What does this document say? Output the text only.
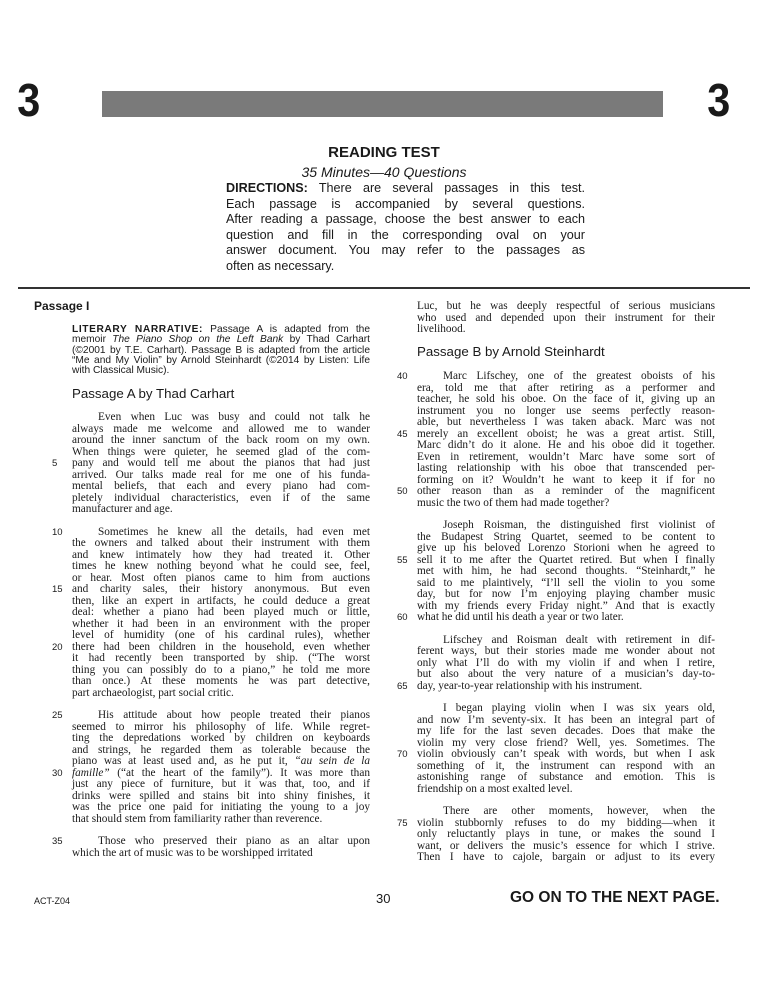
3	3
READING TEST
35 Minutes—40 Questions
DIRECTIONS: There are several passages in this test.
Each passage is accompanied by several questions.
After reading a passage, choose the best answer to each
question and fill in the corresponding oval on your
answer document. You may refer to the passages as
often as necessary.
Passage I
LITERARY NARRATIVE: Passage A is adapted from the
memoir The Piano Shop on the Left Bank by Thad Carhart
(©2001 by T.E. Carhart). Passage B is adapted from the article
“Me and My Violin” by Arnold Steinhardt (©2014 by Listen: Life
with Classical Music).
Passage A by Thad Carhart
Even when Luc was busy and could not talk he
always made me welcome and allowed me to wander
around the inner sanctum of the back room on my own.
When things were quieter, he seemed glad of the com-
5	pany and would tell me about the pianos that had just
arrived. Our talks made real for me one of his funda-
mental beliefs, that each and every piano had com-
pletely individual characteristics, even if of the same
manufacturer and age.
10	Sometimes he knew all the details, had even met
the owners and talked about their instrument with them
and knew intimately how they had treated it. Other
times he knew nothing beyond what he could see, feel,
or hear. Most often pianos came to him from auctions
15 and charity sales, their history anonymous. But even
then, like an expert in artifacts, he could deduce a great
deal: whether a piano had been played much or little,
whether it had been in an environment with the proper
level of humidity (one of his cardinal rules), whether
20 there had been children in the household, even whether
it had recently been transported by ship. (“The worst
thing you can possibly do to a piano,” he told me more
than once.) At these moments he was part detective,
part archaeologist, part social critic.
25	His attitude about how people treated their pianos
seemed to mirror his philosophy of life. While regret-
ting the depredations worked by children on keyboards
and strings, he regarded them as tolerable because the
piano was at least used and, as he put it, “au sein de la
30 famille” (“at the heart of the family”). It was more than
just any piece of furniture, but it was that, too, and if
drinks were spilled and stains bit into shiny finishes, it
was the price one paid for initiating the young to a joy
that should stem from familiarity rather than reverence.
35	Those who preserved their piano as an altar upon
which the art of music was to be worshipped irritated
Luc, but he was deeply respectful of serious musicians
who used and depended upon their instrument for their
livelihood.
Passage B by Arnold Steinhardt
40	Marc Lifschey, one of the greatest oboists of his
era, told me that after retiring as a performer and
teacher, he sold his oboe. On the face of it, giving up an
instrument you no longer use seems perfectly reason-
able, but nevertheless I was taken aback. Marc was not
45 merely an excellent oboist; he was a great artist. Still,
Marc didn’t do it alone. He and his oboe did it together.
Even in retirement, wouldn’t Marc have some sort of
lasting relationship with his oboe that transcended per-
forming on it? Wouldn’t he want to keep it if for no
50 other reason than as a reminder of the magnificent
music the two of them had made together?
Joseph Roisman, the distinguished first violinist of
the Budapest String Quartet, seemed to be content to
give up his beloved Lorenzo Storioni when he agreed to
55 sell it to me after the Quartet retired. But when I finally
met with him, he had second thoughts. “Steinhardt,” he
said to me plaintively, “I’ll sell the violin to you some
day, but for now I’m enjoying playing chamber music
with my friends every Friday night.” And that is exactly
60 what he did until his death a year or two later.
Lifschey and Roisman dealt with retirement in dif-
ferent ways, but their stories made me wonder about not
only what I’ll do with my violin if and when I retire,
but also about the very nature of a musician’s day-to-
65 day, year-to-year relationship with his instrument.
I began playing violin when I was six years old,
and now I’m seventy-six. It has been an integral part of
my life for the last seven decades. Does that make the
violin my very close friend? Well, yes. Sometimes. The
70 violin obviously can’t speak with words, but when I ask
something of it, the instrument can respond with an
astonishing range of substance and emotion. This is
friendship on a most exalted level.
There are other moments, however, when the
75 violin stubbornly refuses to do my bidding—when it
only reluctantly plays in tune, or makes the sound I
want, or delivers the music’s essence for which I strive.
Then I have to cajole, bargain or adjust to its every
ACT-Z04	30	GO ON TO THE NEXT PAGE.
